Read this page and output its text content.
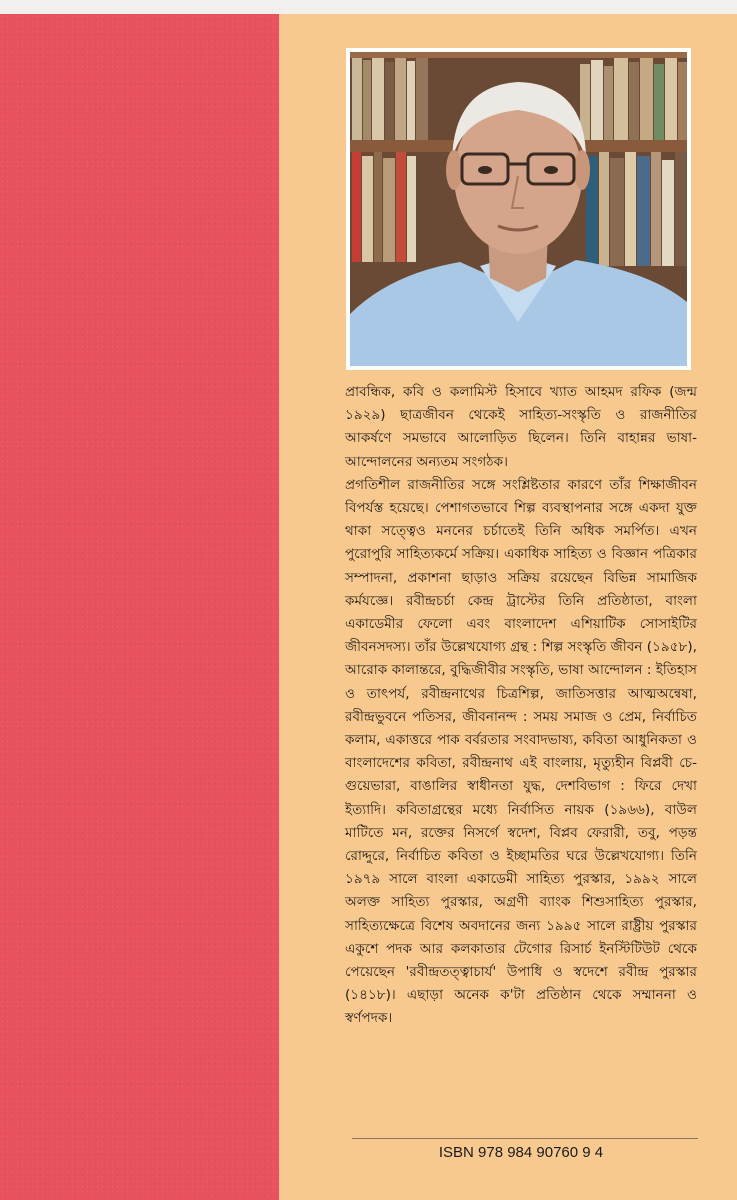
প্রাবন্ধিক, কবি ও কলামিস্ট হিসাবে খ্যাত আহমদ রফিক (জন্ম ১৯২৯) ছাত্রজীবন থেকেই সাহিত্য-সংস্কৃতি ও রাজনীতির আকর্ষণে সমভাবে আলোড়িত ছিলেন। তিনি বাহান্নর ভাষা-আন্দোলনের অন্যতম সংগঠক।

প্রগতিশীল রাজনীতির সঙ্গে সংশ্লিষ্টতার কারণে তাঁর শিক্ষাজীবন বিপর্যস্ত হয়েছে। পেশাগতভাবে শিল্প ব্যবস্থাপনার সঙ্গে একদা যুক্ত থাকা সত্ত্বেও মননের চর্চাতেই তিনি অধিক সমর্পিত। এখন পুরোপুরি সাহিত্যকর্মে সক্রিয়। একাধিক সাহিত্য ও বিজ্ঞান পত্রিকার সম্পাদনা, প্রকাশনা ছাড়াও সক্রিয় রয়েছেন বিভিন্ন সামাজিক কর্মযজ্ঞে। রবীন্দ্রচর্চা কেন্দ্র ট্রাস্টের তিনি প্রতিষ্ঠাতা, বাংলা একাডেমীর ফেলো এবং বাংলাদেশ এশিয়াটিক সোসাইটির জীবনসদস্য। তাঁর উল্লেখযোগ্য গ্রন্থ : শিল্প সংস্কৃতি জীবন (১৯৫৮), আরোক কালান্তরে, বুদ্ধিজীবীর সংস্কৃতি, ভাষা আন্দোলন : ইতিহাস ও তাৎপর্য, রবীন্দ্রনাথের চিত্রশিল্প, জাতিসত্তার আত্মঅন্বেষা, রবীন্দ্রভুবনে পতিসর, জীবনানন্দ : সময় সমাজ ও প্রেম, নির্বাচিত কলাম, একাত্তরে পাক বর্বরতার সংবাদভাষ্য, কবিতা আধুনিকতা ও বাংলাদেশের কবিতা, রবীন্দ্রনাথ এই বাংলায়, মৃত্যুহীন বিপ্লবী চে-গুয়েভারা, বাঙালির স্বাধীনতা যুদ্ধ, দেশবিভাগ : ফিরে দেখা ইত্যাদি। কবিতাগ্রন্থের মধ্যে নির্বাসিত নায়ক (১৯৬৬), বাউল মাটিতে মন, রক্তের নিসর্গে স্বদেশ, বিপ্লব ফেরারী, তবু, পড়ন্ত রোদ্দুরে, নির্বাচিত কবিতা ও ইচ্ছামতির ঘরে উল্লেখযোগ্য। তিনি ১৯৭৯ সালে বাংলা একাডেমী সাহিত্য পুরস্কার, ১৯৯২ সালে অলক্ত সাহিত্য পুরস্কার, অগ্রণী ব্যাংক শিশুসাহিত্য পুরস্কার, সাহিত্যক্ষেত্রে বিশেষ অবদানের জন্য ১৯৯৫ সালে রাষ্ট্রীয় পুরস্কার একুশে পদক আর কলকাতার টেগোর রিসার্চ ইনস্টিটিউট থেকে পেয়েছেন 'রবীন্দ্রতত্ত্বাচার্য' উপাধি ও স্বদেশে রবীন্দ্র পুরস্কার (১৪১৮)। এছাড়া অনেক ক'টা প্রতিষ্ঠান থেকে সম্মাননা ও স্বর্ণপদক।

ISBN 978 984 90760 9 4
